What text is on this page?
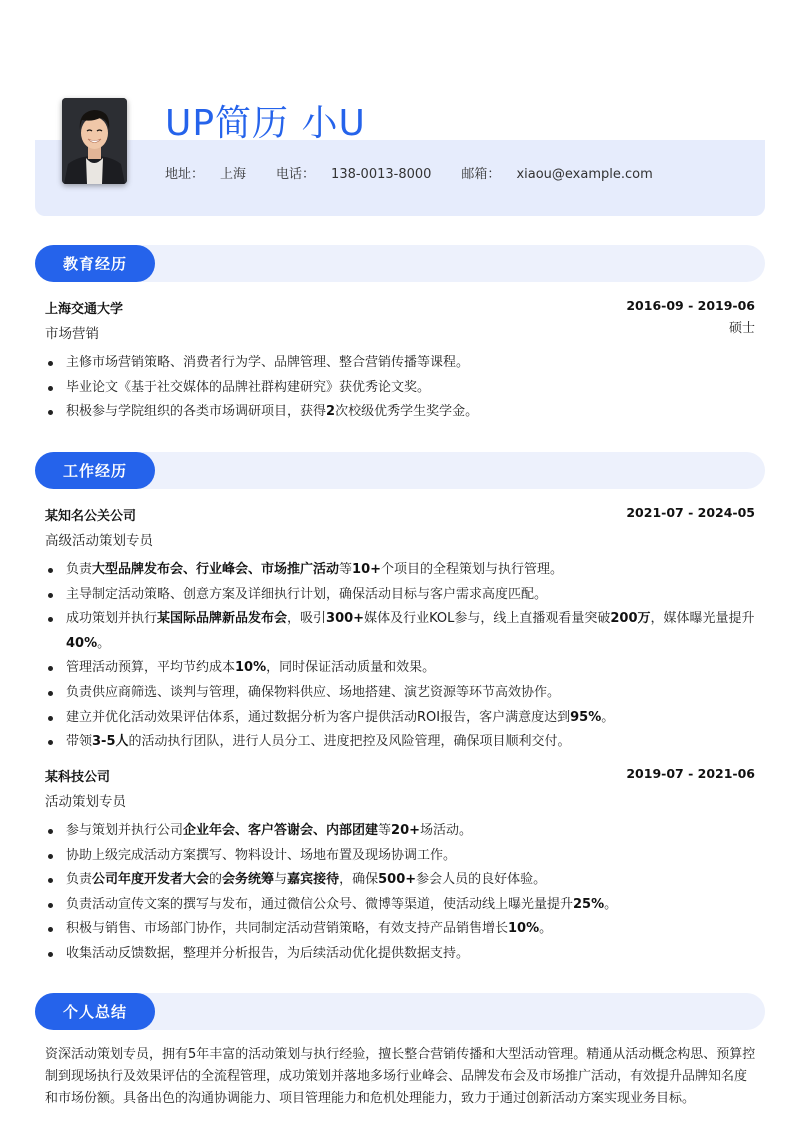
UP简历 小U
地址： 上海 电话： 138-0013-8000 邮箱： xiaou@example.com
教育经历
上海交通大学	2016-09 - 2019-06
市场营销	硕士
主修市场营销策略、消费者行为学、品牌管理、整合营销传播等课程。
毕业论文《基于社交媒体的品牌社群构建研究》获优秀论文奖。
积极参与学院组织的各类市场调研项目，获得2次校级优秀学生奖学金。
工作经历
某知名公关公司	2021-07 - 2024-05
高级活动策划专员
负责大型品牌发布会、行业峰会、市场推广活动等10+个项目的全程策划与执行管理。
主导制定活动策略、创意方案及详细执行计划，确保活动目标与客户需求高度匹配。
成功策划并执行某国际品牌新品发布会，吸引300+媒体及行业KOL参与，线上直播观看量突破200万，媒体曝光量提升40%。
管理活动预算，平均节约成本10%，同时保证活动质量和效果。
负责供应商筛选、谈判与管理，确保物料供应、场地搭建、演艺资源等环节高效协作。
建立并优化活动效果评估体系，通过数据分析为客户提供活动ROI报告，客户满意度达到95%。
带领3-5人的活动执行团队，进行人员分工、进度把控及风险管理，确保项目顺利交付。
某科技公司	2019-07 - 2021-06
活动策划专员
参与策划并执行公司企业年会、客户答谢会、内部团建等20+场活动。
协助上级完成活动方案撰写、物料设计、场地布置及现场协调工作。
负责公司年度开发者大会的会务统筹与嘉宾接待，确保500+参会人员的良好体验。
负责活动宣传文案的撰写与发布，通过微信公众号、微博等渠道，使活动线上曝光量提升25%。
积极与销售、市场部门协作，共同制定活动营销策略，有效支持产品销售增长10%。
收集活动反馈数据，整理并分析报告，为后续活动优化提供数据支持。
个人总结
资深活动策划专员，拥有5年丰富的活动策划与执行经验，擅长整合营销传播和大型活动管理。精通从活动概念构思、预算控制到现场执行及效果评估的全流程管理，成功策划并落地多场行业峰会、品牌发布会及市场推广活动，有效提升品牌知名度和市场份额。具备出色的沟通协调能力、项目管理能力和危机处理能力，致力于通过创新活动方案实现业务目标。
